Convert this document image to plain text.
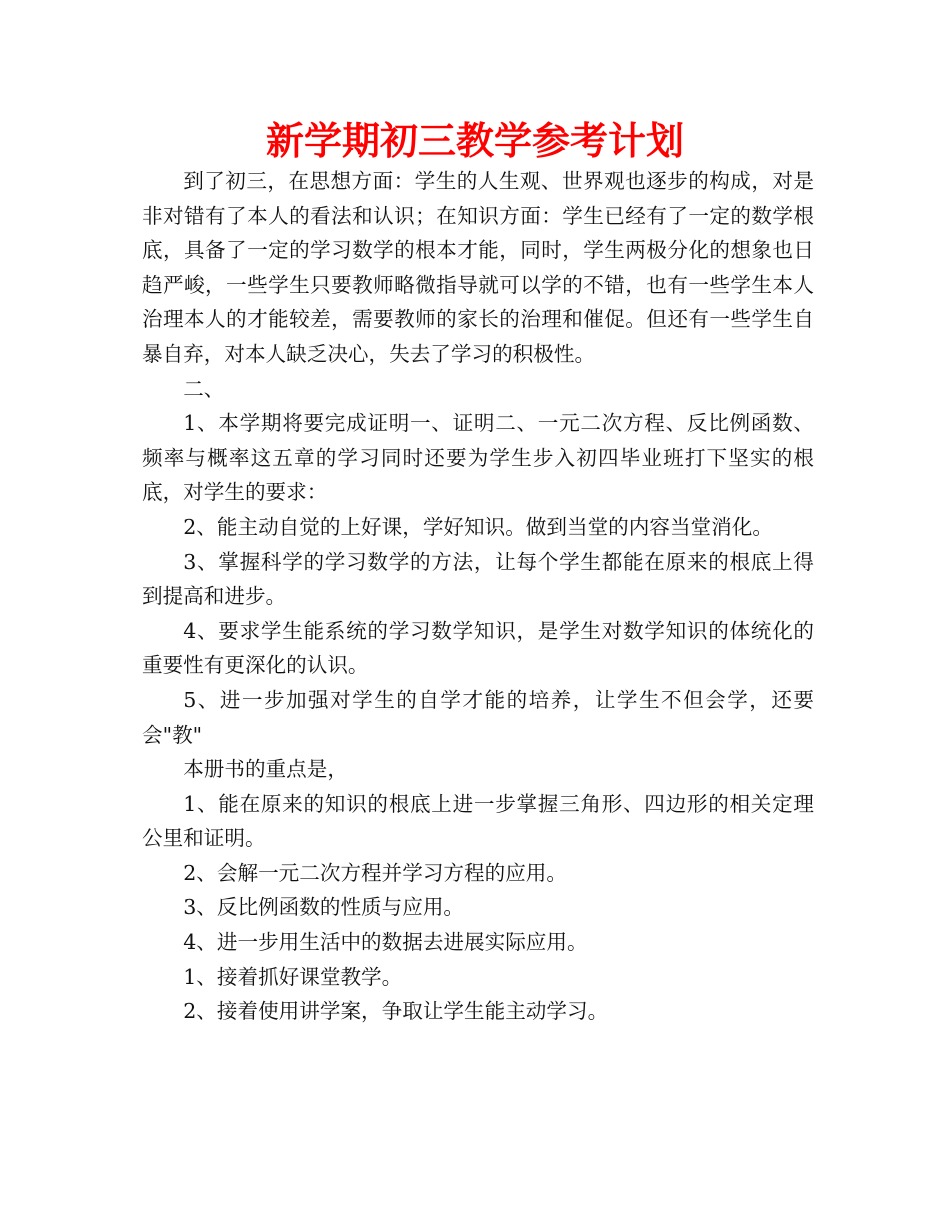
新学期初三教学参考计划

到了初三，在思想方面：学生的人生观、世界观也逐步的构成，对是非对错有了本人的看法和认识；在知识方面：学生已经有了一定的数学根底，具备了一定的学习数学的根本才能，同时，学生两极分化的想象也日趋严峻，一些学生只要教师略微指导就可以学的不错，也有一些学生本人治理本人的才能较差，需要教师的家长的治理和催促。但还有一些学生自暴自弃，对本人缺乏决心，失去了学习的积极性。

二、

1、本学期将要完成证明一、证明二、一元二次方程、反比例函数、频率与概率这五章的学习同时还要为学生步入初四毕业班打下坚实的根底，对学生的要求：

2、能主动自觉的上好课，学好知识。做到当堂的内容当堂消化。

3、掌握科学的学习数学的方法，让每个学生都能在原来的根底上得到提高和进步。

4、要求学生能系统的学习数学知识，是学生对数学知识的体统化的重要性有更深化的认识。

5、进一步加强对学生的自学才能的培养，让学生不但会学，还要会"教"

本册书的重点是，

1、能在原来的知识的根底上进一步掌握三角形、四边形的相关定理公里和证明。

2、会解一元二次方程并学习方程的应用。

3、反比例函数的性质与应用。

4、进一步用生活中的数据去进展实际应用。

1、接着抓好课堂教学。

2、接着使用讲学案，争取让学生能主动学习。
